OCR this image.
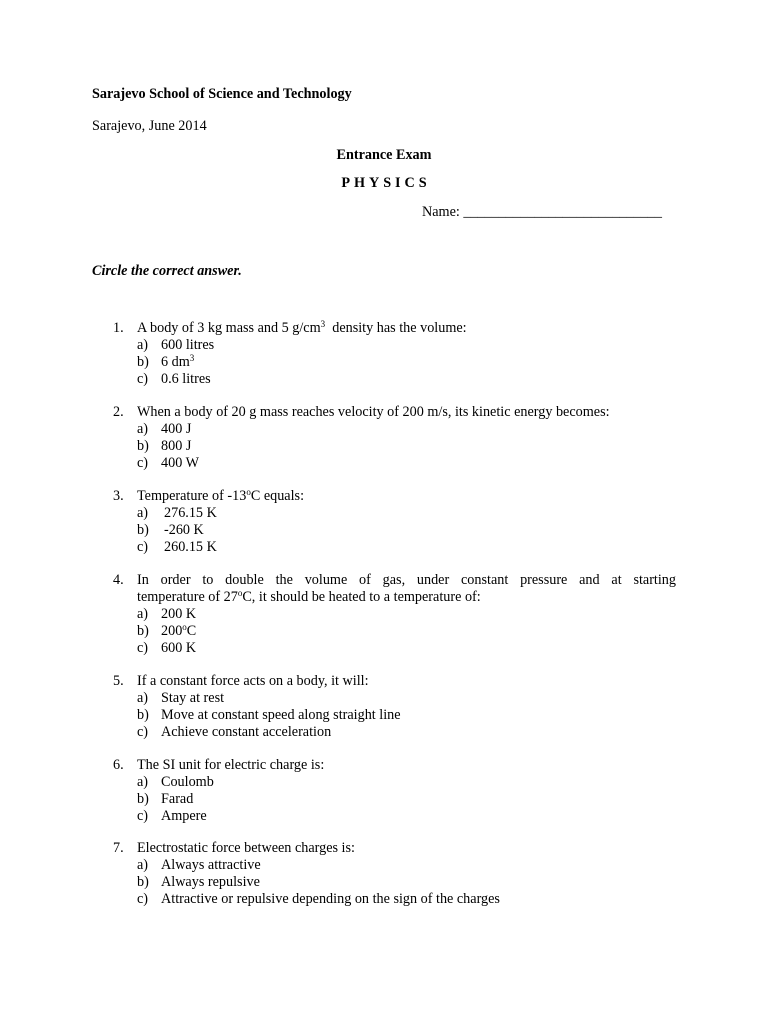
Sarajevo School of Science and Technology
Sarajevo, June 2014
Entrance Exam
PHYSICS
Name: ____________________________
Circle the correct answer.
1. A body of 3 kg mass and 5 $g/cm^3$  density has the volume:
a) 600 litres
b) 6 $dm^3$
c) 0.6 litres
2. When a body of 20 g mass reaches velocity of 200 m/s, its kinetic energy becomes:
a) 400 J
b) 800 J
c) 400 W
3. Temperature of -13$^o$C equals:
a)	276.15 K
b)	-260 K
c)	260.15 K
4. In order to double the volume of gas, under constant pressure and at starting
temperature of 27$^o$C, it should be heated to a temperature of:
a) 200 K
b) 200$^o$C
c) 600 K
5. If a constant force acts on a body, it will:
a) Stay at rest
b) Move at constant speed along straight line
c) Achieve constant acceleration
6. The SI unit for electric charge is:
a) Coulomb
b) Farad
c) Ampere
7. Electrostatic force between charges is:
a) Always attractive
b) Always repulsive
c) Attractive or repulsive depending on the sign of the charges
